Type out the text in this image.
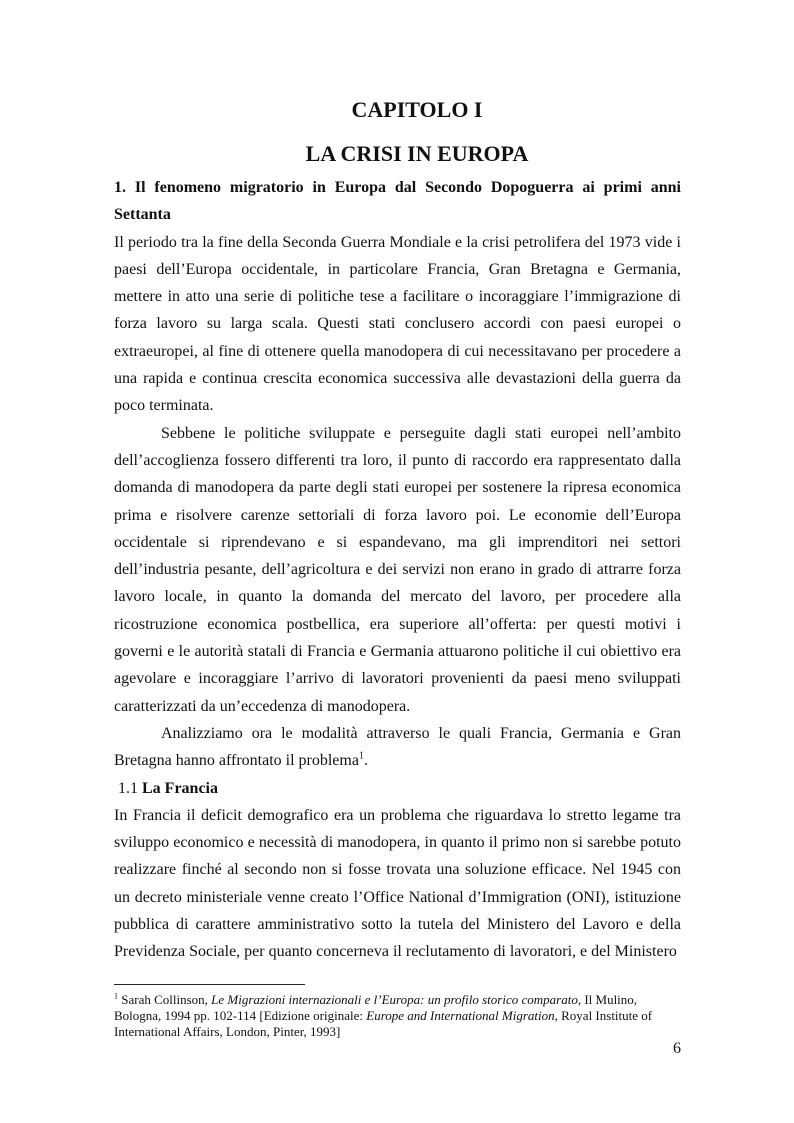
CAPITOLO I
LA CRISI IN EUROPA

1. Il fenomeno migratorio in Europa dal Secondo Dopoguerra ai primi anni Settanta

Il periodo tra la fine della Seconda Guerra Mondiale e la crisi petrolifera del 1973 vide i paesi dell’Europa occidentale, in particolare Francia, Gran Bretagna e Germania, mettere in atto una serie di politiche tese a facilitare o incoraggiare l’immigrazione di forza lavoro su larga scala. Questi stati conclusero accordi con paesi europei o extraeuropei, al fine di ottenere quella manodopera di cui necessitavano per procedere a una rapida e continua crescita economica successiva alle devastazioni della guerra da poco terminata.

Sebbene le politiche sviluppate e perseguite dagli stati europei nell’ambito dell’accoglienza fossero differenti tra loro, il punto di raccordo era rappresentato dalla domanda di manodopera da parte degli stati europei per sostenere la ripresa economica prima e risolvere carenze settoriali di forza lavoro poi. Le economie dell’Europa occidentale si riprendevano e si espandevano, ma gli imprenditori nei settori dell’industria pesante, dell’agricoltura e dei servizi non erano in grado di attrarre forza lavoro locale, in quanto la domanda del mercato del lavoro, per procedere alla ricostruzione economica postbellica, era superiore all’offerta: per questi motivi i governi e le autorità statali di Francia e Germania attuarono politiche il cui obiettivo era agevolare e incoraggiare l’arrivo di lavoratori provenienti da paesi meno sviluppati caratterizzati da un’eccedenza di manodopera.

Analizziamo ora le modalità attraverso le quali Francia, Germania e Gran Bretagna hanno affrontato il problema$^1$.

1.1 La Francia

In Francia il deficit demografico era un problema che riguardava lo stretto legame tra sviluppo economico e necessità di manodopera, in quanto il primo non si sarebbe potuto realizzare finché al secondo non si fosse trovata una soluzione efficace. Nel 1945 con un decreto ministeriale venne creato l’Office National d’Immigration (ONI), istituzione pubblica di carattere amministrativo sotto la tutela del Ministero del Lavoro e della Previdenza Sociale, per quanto concerneva il reclutamento di lavoratori, e del Ministero

$^1$ Sarah Collinson, Le Migrazioni internazionali e l’Europa: un profilo storico comparato, Il Mulino, Bologna, 1994 pp. 102-114 [Edizione originale: Europe and International Migration, Royal Institute of International Affairs, London, Pinter, 1993]

6
